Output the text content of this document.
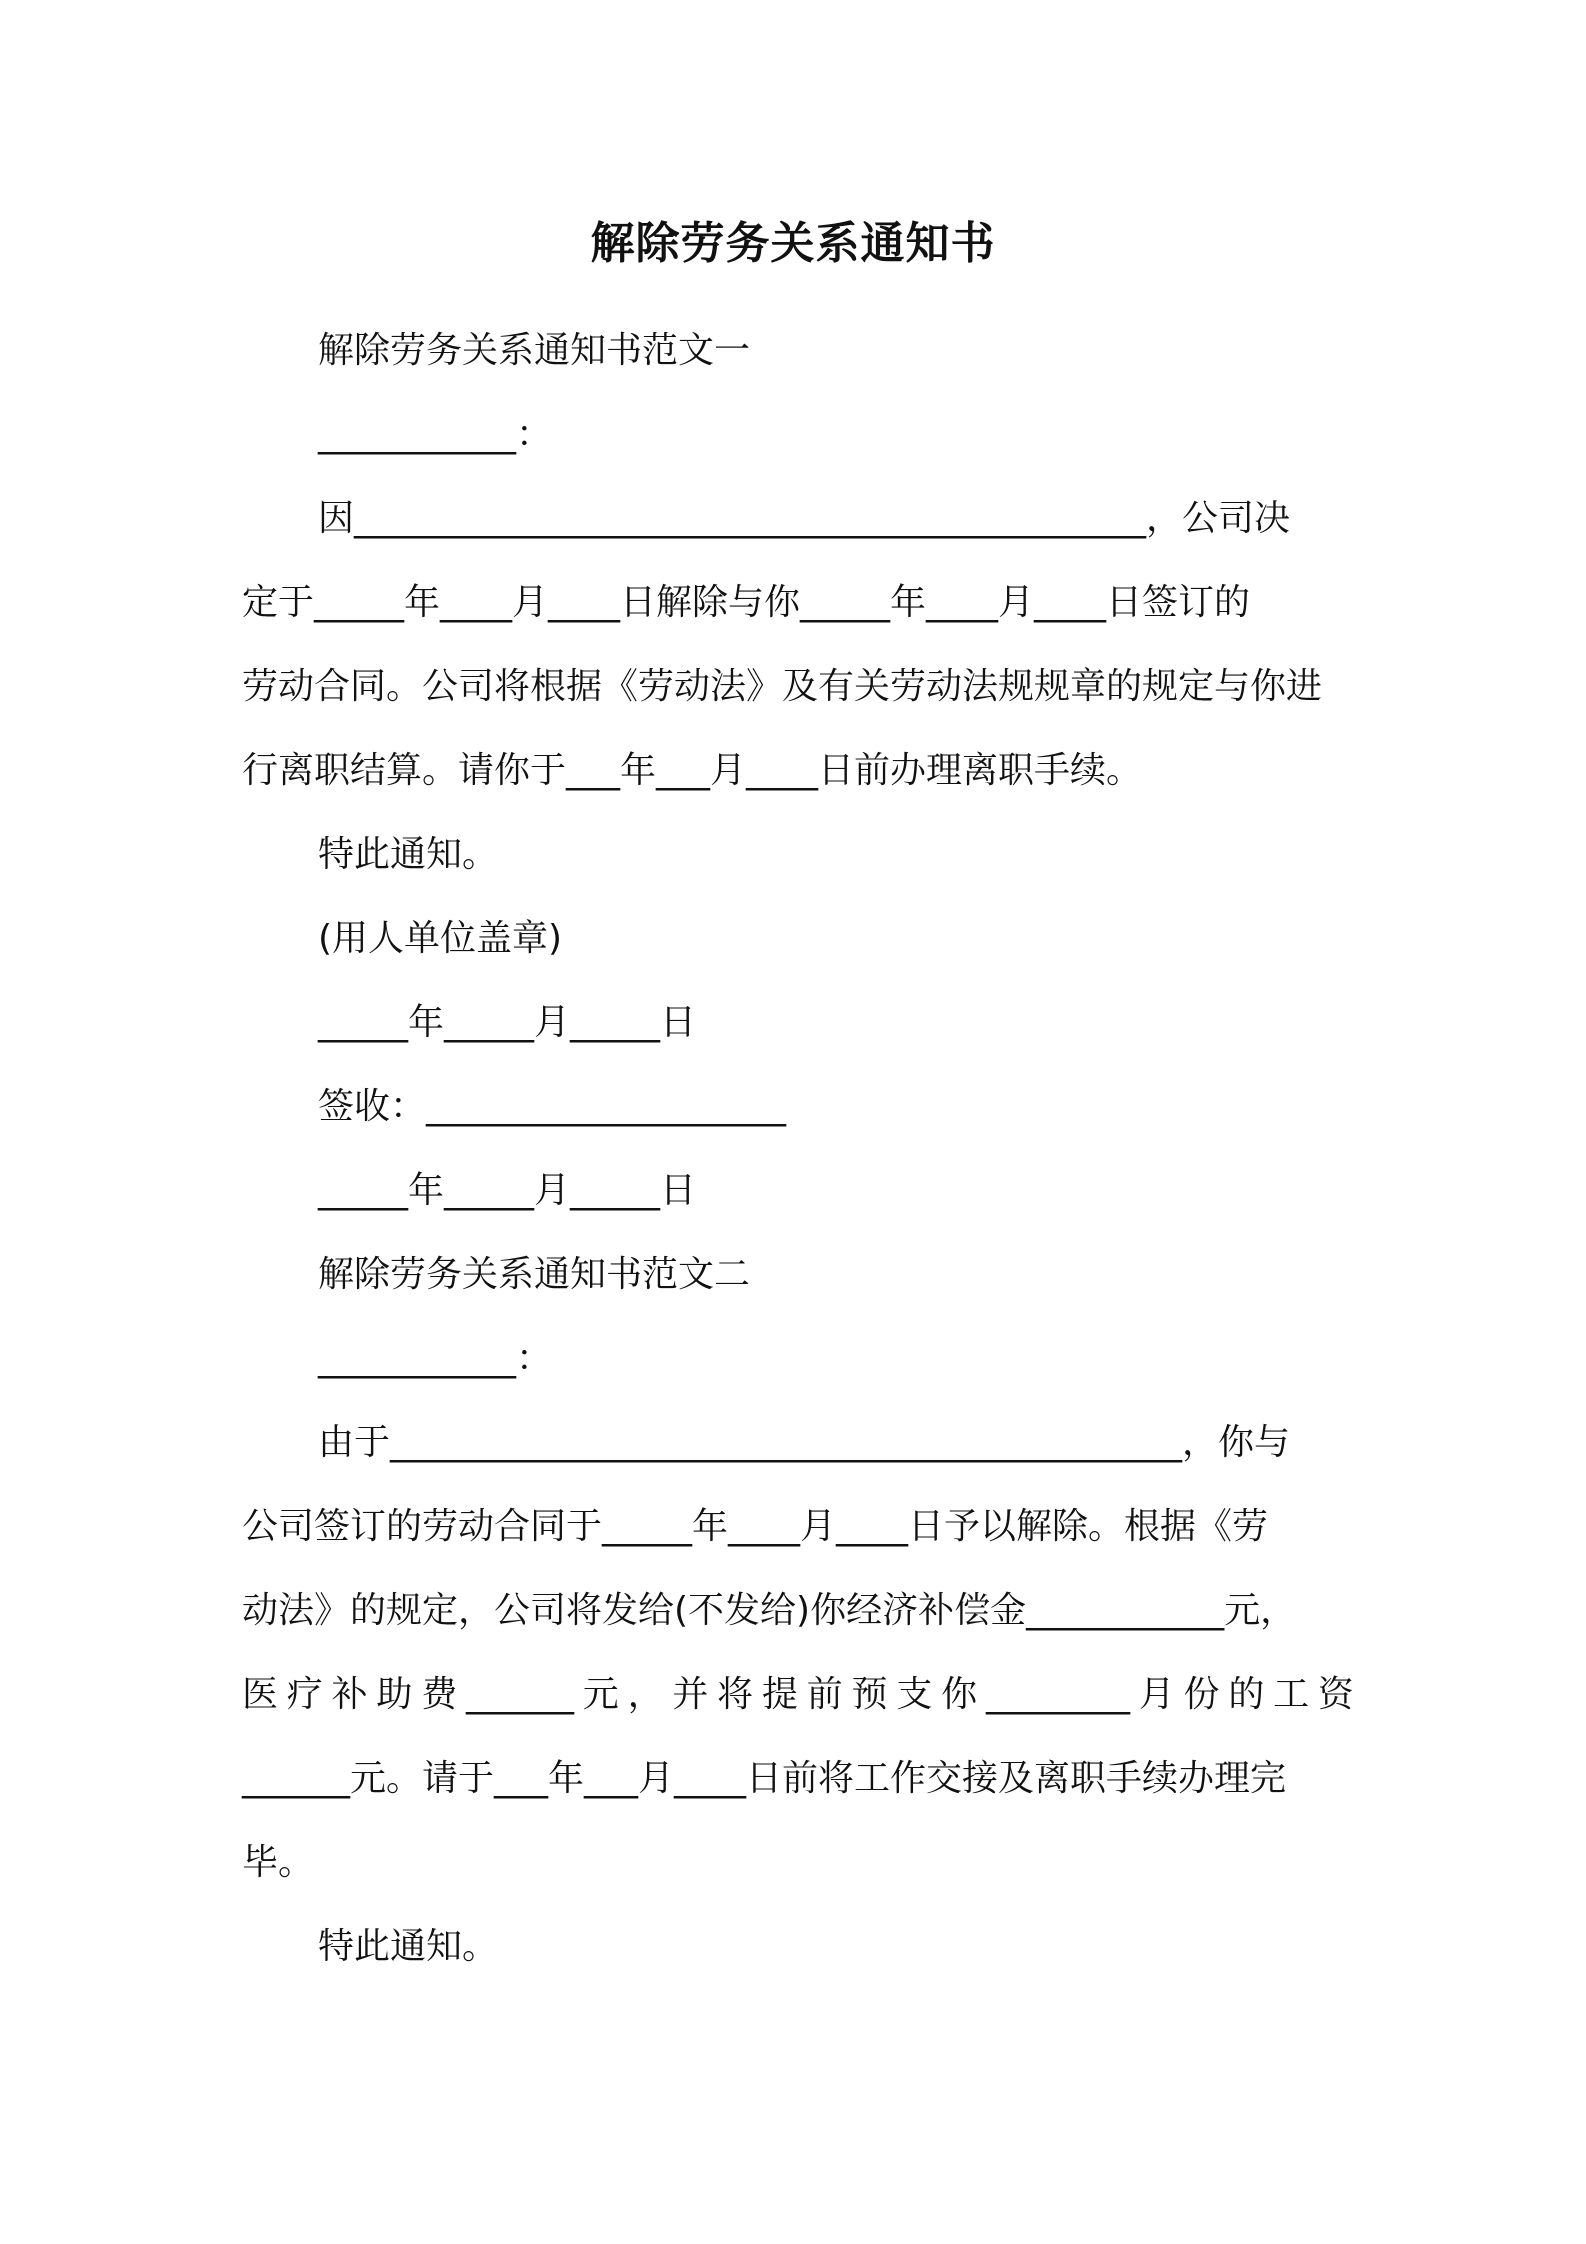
解除劳务关系通知书

解除劳务关系通知书范文一

___________：

因____________________________________________，公司决

定于_____年____月____日解除与你_____年____月____日签订的

劳动合同。公司将根据《劳动法》及有关劳动法规规章的规定与你进

行离职结算。请你于___年___月____日前办理离职手续。

特此通知。

(用人单位盖章)

_____年_____月_____日

签收：____________________

_____年_____月_____日

解除劳务关系通知书范文二

___________：

由于____________________________________________，你与

公司签订的劳动合同于_____年____月____日予以解除。根据《劳

动法》的规定，公司将发给(不发给)你经济补偿金___________元，

医 疗 补 助 费 ______ 元 ， 并 将 提 前 预 支 你 ________ 月 份 的 工 资

______元。请于___年___月____日前将工作交接及离职手续办理完

毕。

特此通知。
